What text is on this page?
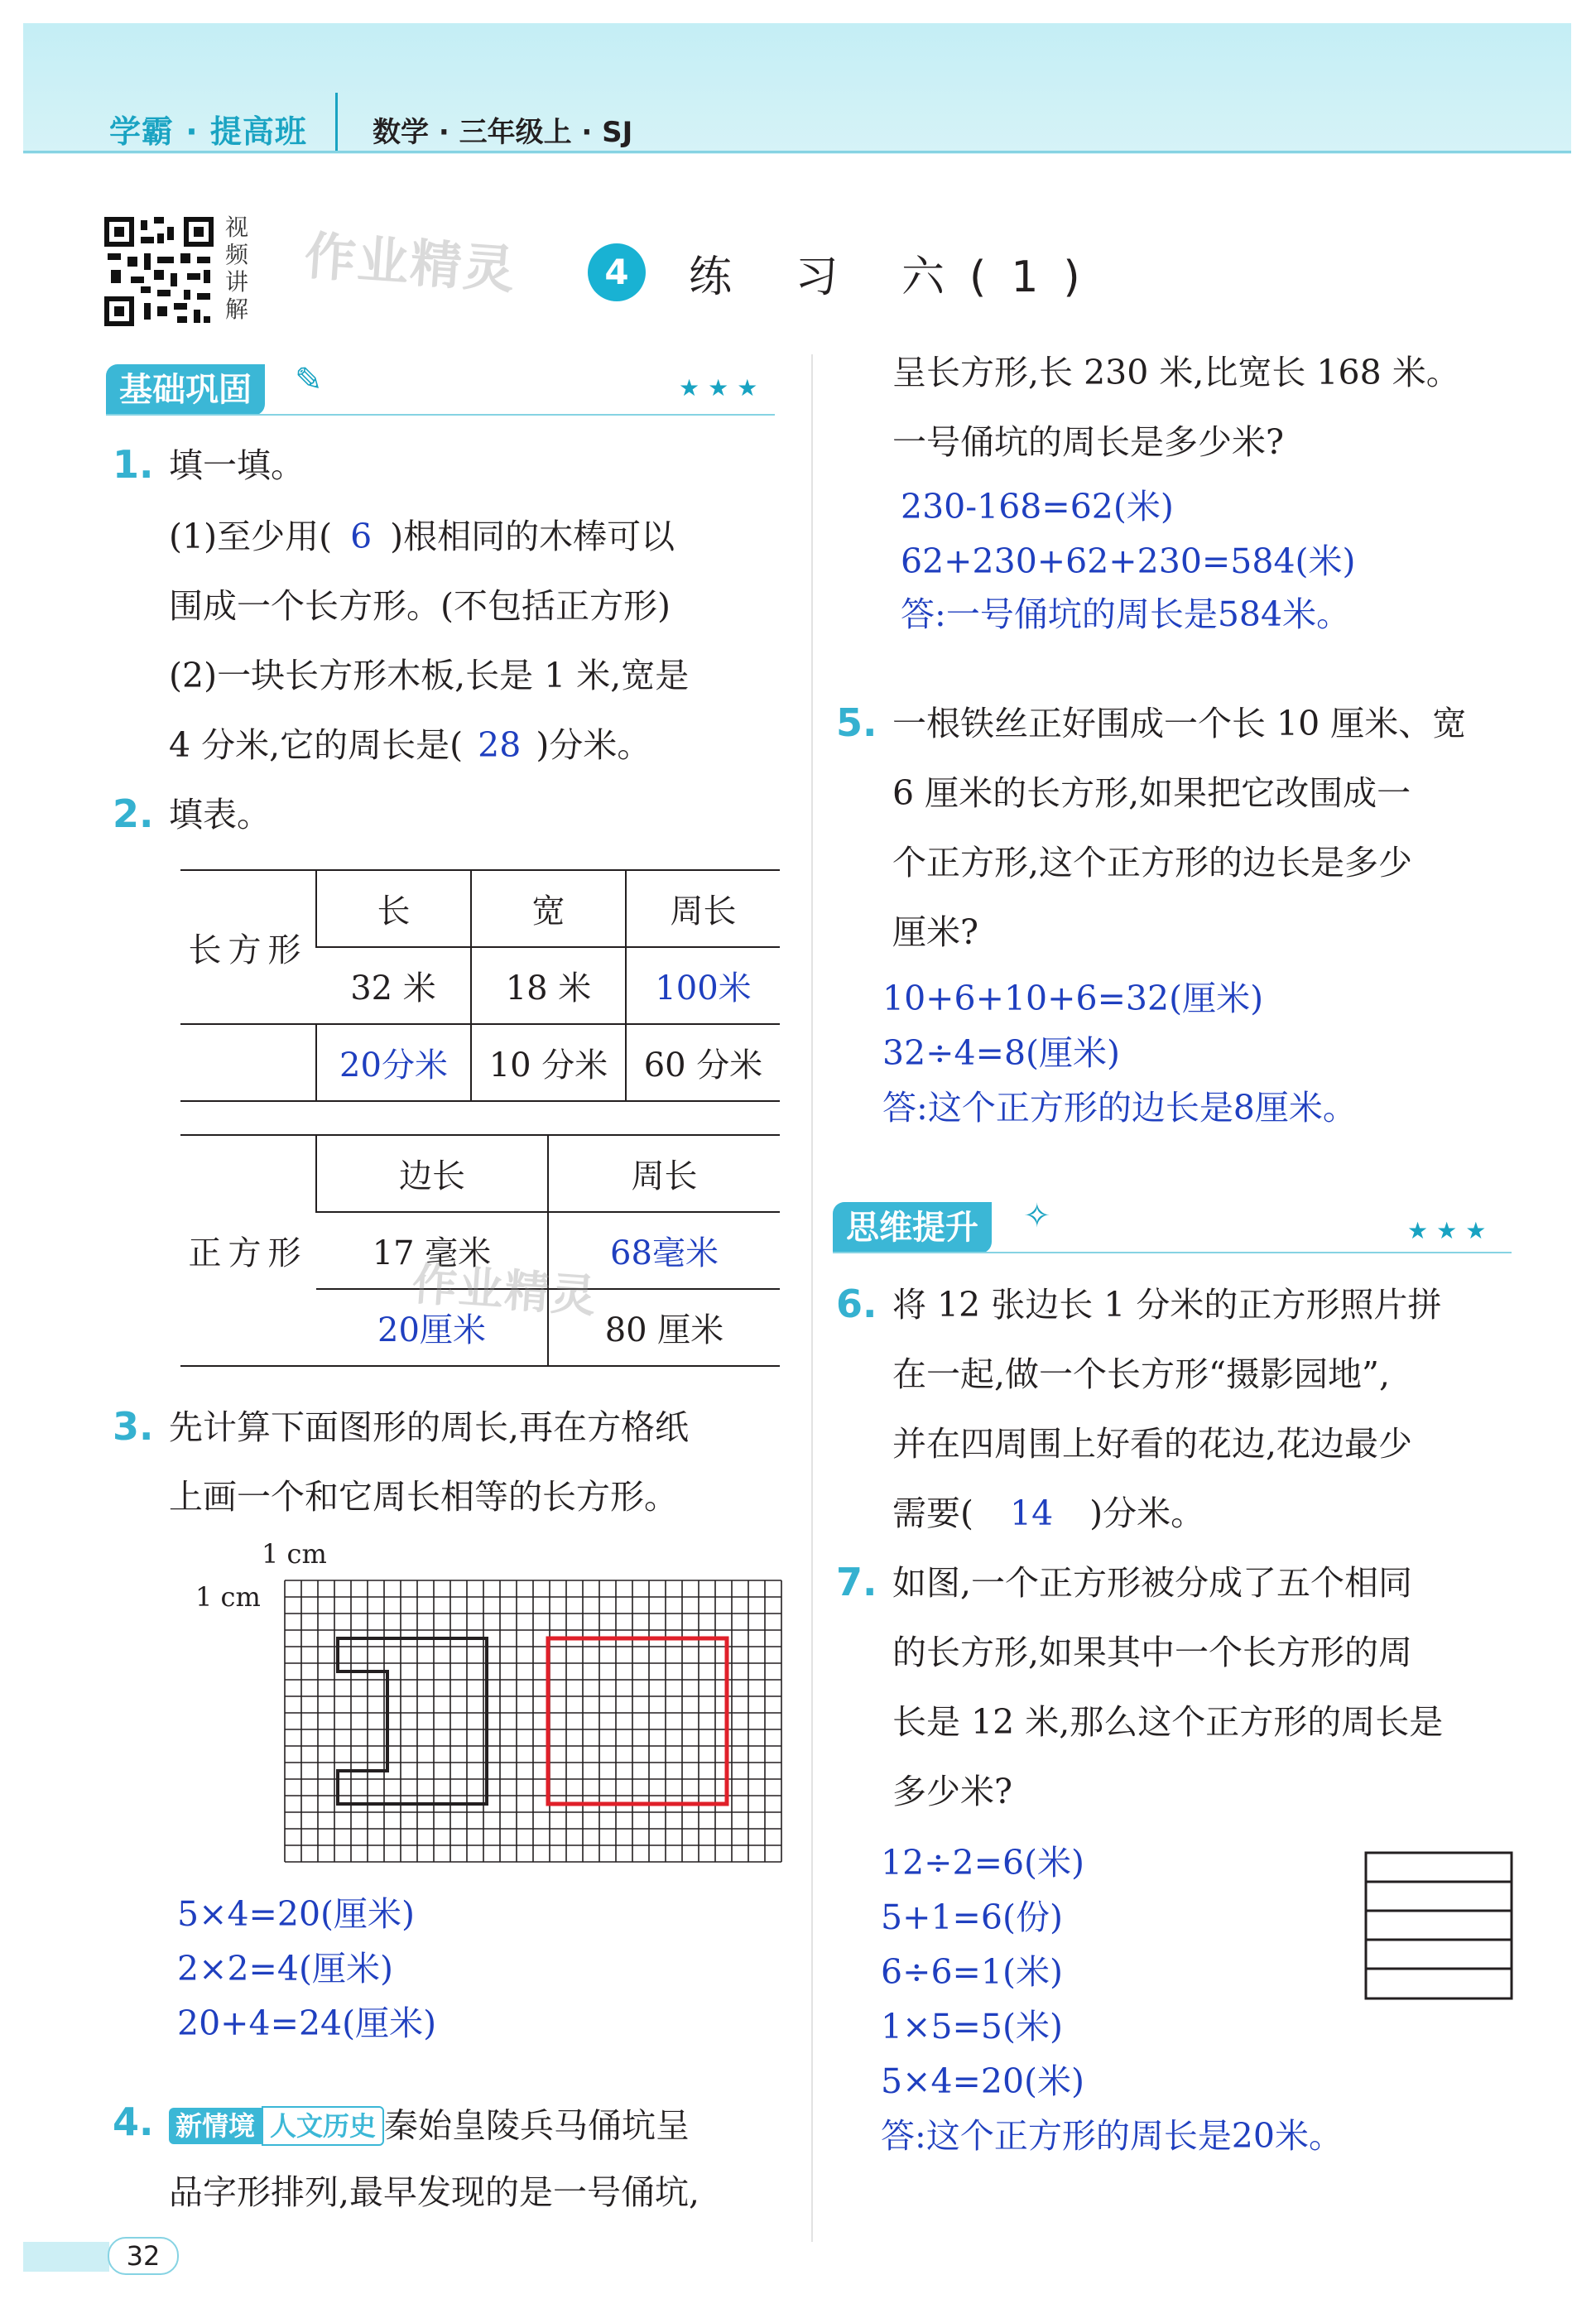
学霸 · 提高班 数学 · 三年级上 · SJ
视频讲解
作业精灵	4	练 习 六(1)
基础巩固	✎	★★★
1. 填一填。
(1)至少用( 6 )根相同的木棒可以
围成一个长方形。(不包括正方形)
(2)一块长方形木板,长是 1 米,宽是
4 分米,它的周长是( 28 )分米。
2. 填表。
长方形	长	宽	周长
	32 米	18 米	100米
	20分米	10 分米	60 分米
正方形	边长	周长
	17 毫米	68毫米
	20厘米	80 厘米
作业精灵
3. 先计算下面图形的周长,再在方格纸
上画一个和它周长相等的长方形。
1 cm
1 cm
5×4=20(厘米)
2×2=4(厘米)
20+4=24(厘米)
4. 新情境 人文历史 秦始皇陵兵马俑坑呈
品字形排列,最早发现的是一号俑坑,
呈长方形,长 230 米,比宽长 168 米。
一号俑坑的周长是多少米?
230-168=62(米)
62+230+62+230=584(米)
答:一号俑坑的周长是584米。
5. 一根铁丝正好围成一个长 10 厘米、宽
6 厘米的长方形,如果把它改围成一
个正方形,这个正方形的边长是多少
厘米?
10+6+10+6=32(厘米)
32÷4=8(厘米)
答:这个正方形的边长是8厘米。
思维提升	✧	★★★
6. 将 12 张边长 1 分米的正方形照片拼
在一起,做一个长方形“摄影园地”,
并在四周围上好看的花边,花边最少
需要( 14 )分米。
7. 如图,一个正方形被分成了五个相同
的长方形,如果其中一个长方形的周
长是 12 米,那么这个正方形的周长是
多少米?
12÷2=6(米)
5+1=6(份)
6÷6=1(米)
1×5=5(米)
5×4=20(米)
答:这个正方形的周长是20米。
32
